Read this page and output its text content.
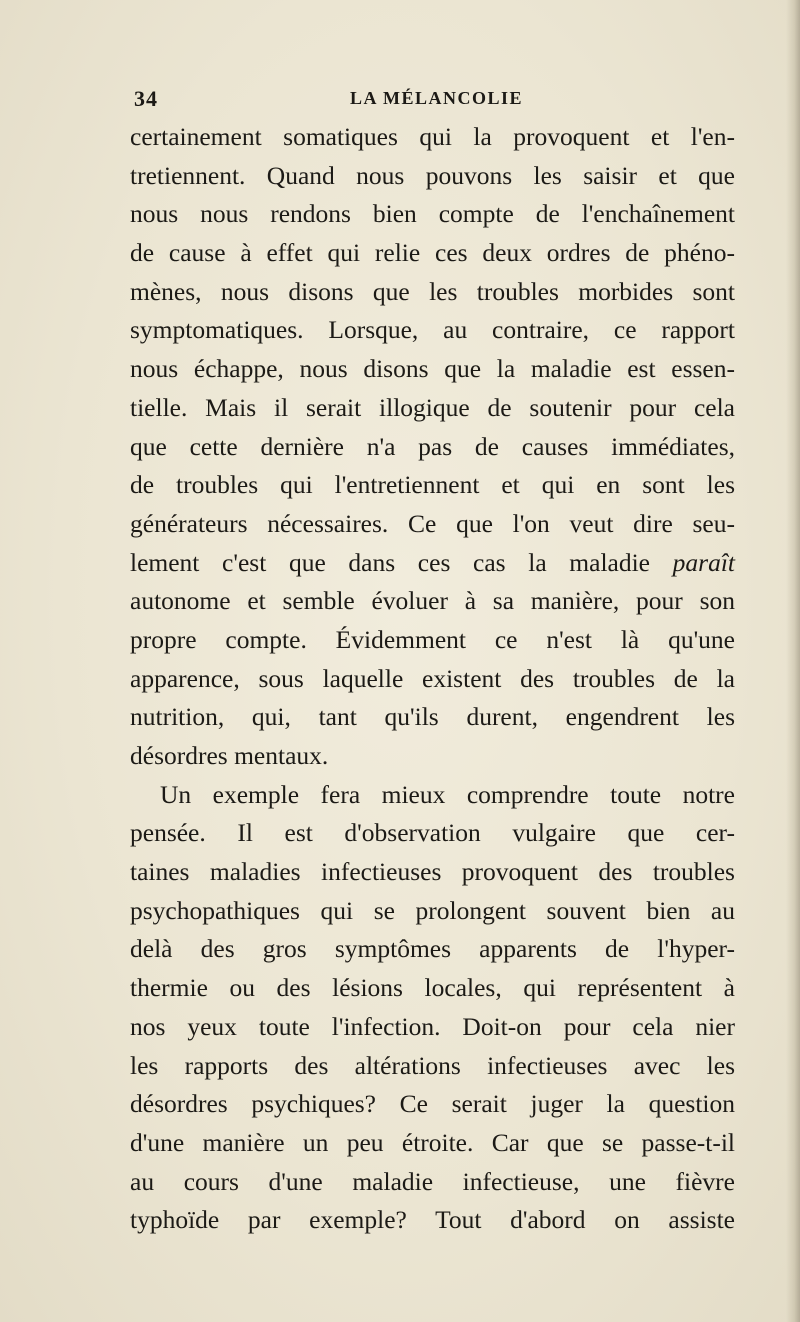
34	LA MÉLANCOLIE
certainement somatiques qui la provoquent et l'en-
tretiennent. Quand nous pouvons les saisir et que
nous nous rendons bien compte de l'enchaînement
de cause à effet qui relie ces deux ordres de phéno-
mènes, nous disons que les troubles morbides sont
symptomatiques. Lorsque, au contraire, ce rapport
nous échappe, nous disons que la maladie est essen-
tielle. Mais il serait illogique de soutenir pour cela
que cette dernière n'a pas de causes immédiates,
de troubles qui l'entretiennent et qui en sont les
générateurs nécessaires. Ce que l'on veut dire seu-
lement c'est que dans ces cas la maladie paraît
autonome et semble évoluer à sa manière, pour son
propre compte. Évidemment ce n'est là qu'une
apparence, sous laquelle existent des troubles de la
nutrition, qui, tant qu'ils durent, engendrent les
désordres mentaux.
Un exemple fera mieux comprendre toute notre
pensée. Il est d'observation vulgaire que cer-
taines maladies infectieuses provoquent des troubles
psychopathiques qui se prolongent souvent bien au
delà des gros symptômes apparents de l'hyper-
thermie ou des lésions locales, qui représentent à
nos yeux toute l'infection. Doit-on pour cela nier
les rapports des altérations infectieuses avec les
désordres psychiques? Ce serait juger la question
d'une manière un peu étroite. Car que se passe-t-il
au cours d'une maladie infectieuse, une fièvre
typhoïde par exemple? Tout d'abord on assiste
